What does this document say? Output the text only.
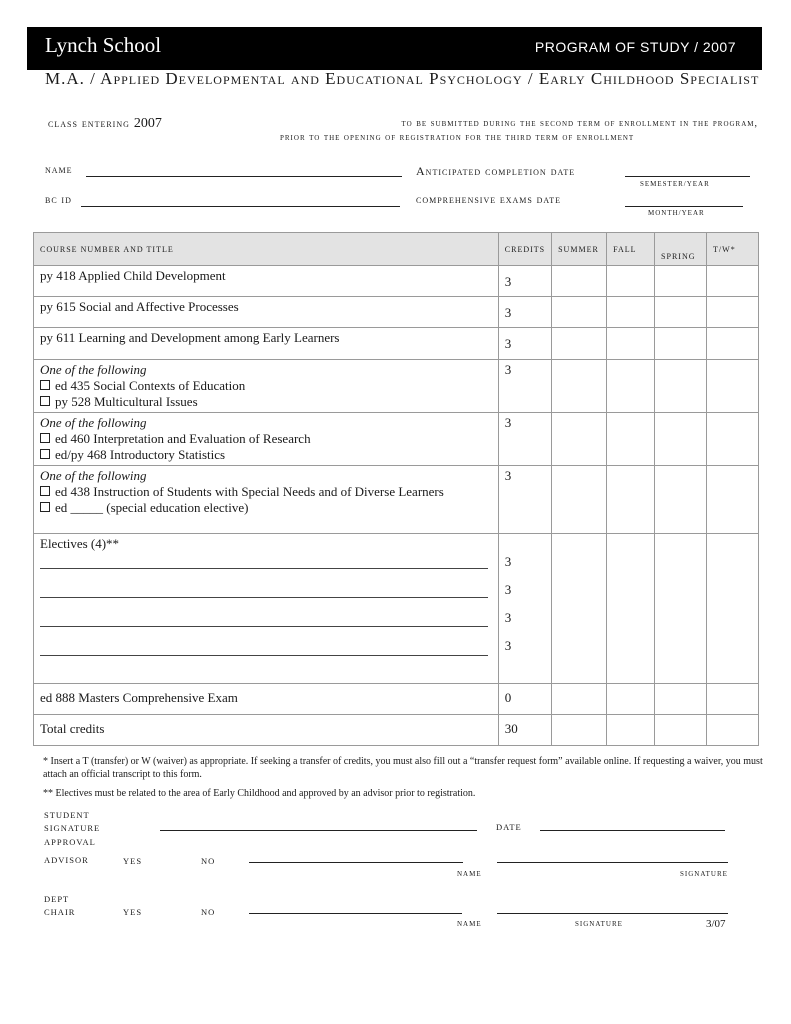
Lynch School	PROGRAM OF STUDY / 2007
M.A. / Applied Developmental and Educational Psychology / Early Childhood Specialist
class entering 2007	to be submitted during the second term of enrollment in the program,
prior to the opening of registration for the third term of enrollment
name	Anticipated completion date
SEMESTER/YEAR
bc id	comprehensive exams date
MONTH/YEAR
COURSE NUMBER AND TITLE	CREDITS	SUMMER	FALL	SPRING	T/W*
py 418 Applied Child Development	3				
py 615 Social and Affective Processes	3				
py 611 Learning and Development among Early Learners	3				

One of the following
ed 435 Social Contexts of Education
py 528 Multicultural Issues	3				

One of the following
ed 460 Interpretation and Evaluation of Research
ed/py 468 Introductory Statistics	3				

One of the following
ed 438 Instruction of Students with Special Needs and of Diverse Learners
ed _____ (special education elective)	3				

Electives (4)**	3
3
3
3				

ed 888 Masters Comprehensive Exam	0				
Total credits	30				
* Insert a T (transfer) or W (waiver) as appropriate. If seeking a transfer of credits, you must also fill out a “transfer request form” available online. If requesting a waiver, you must attach an official transcript to this form.
** Electives must be related to the area of Early Childhood and approved by an advisor prior to registration.
STUDENT
SIGNATURE	DATE
APPROVAL
ADVISOR	YES	NO
NAME	SIGNATURE
DEPT
CHAIR	YES	NO
NAME	SIGNATURE	3/07
